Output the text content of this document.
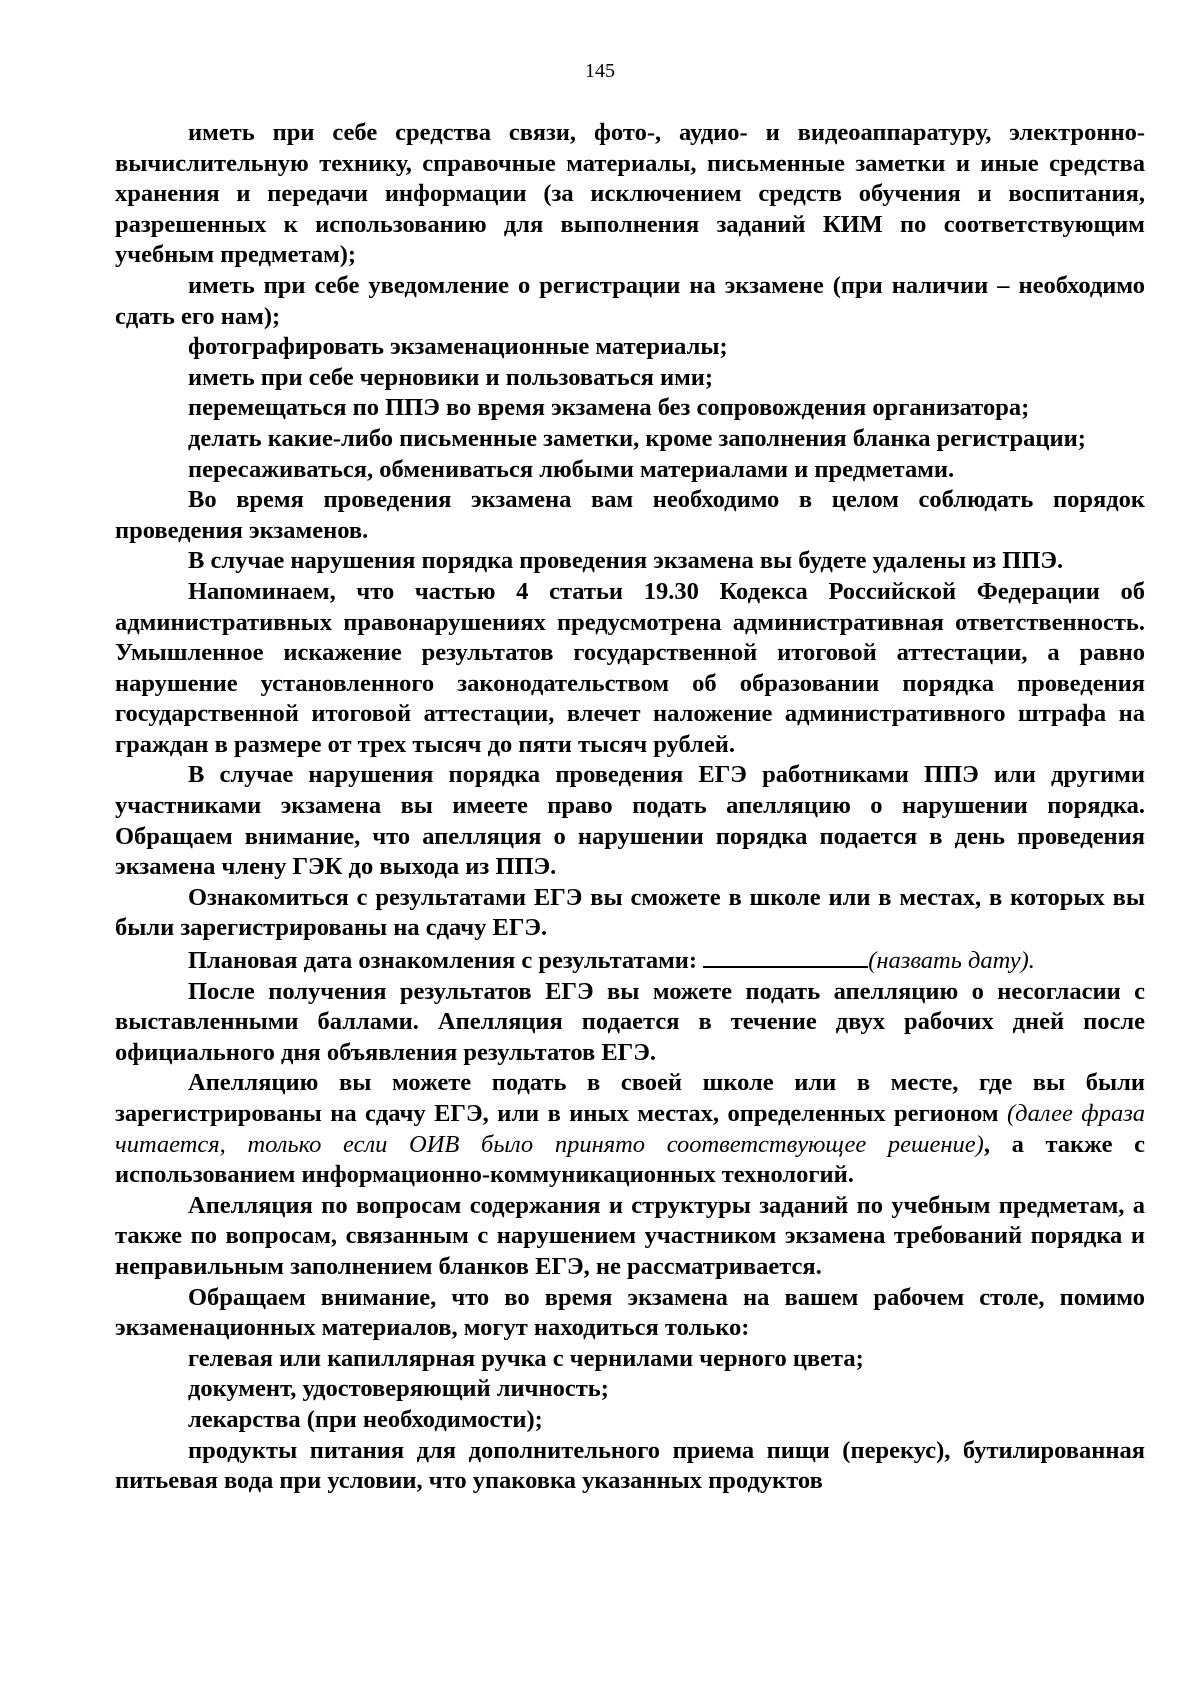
145

иметь при себе средства связи, фото-, аудио- и видеоаппаратуру, электронно-вычислительную технику, справочные материалы, письменные заметки и иные средства хранения и передачи информации (за исключением средств обучения и воспитания, разрешенных к использованию для выполнения заданий КИМ по соответствующим учебным предметам);

иметь при себе уведомление о регистрации на экзамене (при наличии – необходимо сдать его нам);

фотографировать экзаменационные материалы;

иметь при себе черновики и пользоваться ими;

перемещаться по ППЭ во время экзамена без сопровождения организатора;

делать какие-либо письменные заметки, кроме заполнения бланка регистрации;

пересаживаться, обмениваться любыми материалами и предметами.

Во время проведения экзамена вам необходимо в целом соблюдать порядок проведения экзаменов.

В случае нарушения порядка проведения экзамена вы будете удалены из ППЭ.

Напоминаем, что частью 4 статьи 19.30 Кодекса Российской Федерации об административных правонарушениях предусмотрена административная ответственность. Умышленное искажение результатов государственной итоговой аттестации, а равно нарушение установленного законодательством об образовании порядка проведения государственной итоговой аттестации, влечет наложение административного штрафа на граждан в размере от трех тысяч до пяти тысяч рублей.

В случае нарушения порядка проведения ЕГЭ работниками ППЭ или другими участниками экзамена вы имеете право подать апелляцию о нарушении порядка. Обращаем внимание, что апелляция о нарушении порядка подается в день проведения экзамена члену ГЭК до выхода из ППЭ.

Ознакомиться с результатами ЕГЭ вы сможете в школе или в местах, в которых вы были зарегистрированы на сдачу ЕГЭ.

Плановая дата ознакомления с результатами:	(назвать дату).

После получения результатов ЕГЭ вы можете подать апелляцию о несогласии с выставленными баллами. Апелляция подается в течение двух рабочих дней после официального дня объявления результатов ЕГЭ.

Апелляцию вы можете подать в своей школе или в месте, где вы были зарегистрированы на сдачу ЕГЭ, или в иных местах, определенных регионом (далее фраза читается, только если ОИВ было принято соответствующее решение), а также с использованием информационно-коммуникационных технологий.

Апелляция по вопросам содержания и структуры заданий по учебным предметам, а также по вопросам, связанным с нарушением участником экзамена требований порядка и неправильным заполнением бланков ЕГЭ, не рассматривается.

Обращаем внимание, что во время экзамена на вашем рабочем столе, помимо экзаменационных материалов, могут находиться только:

гелевая или капиллярная ручка с чернилами черного цвета;

документ, удостоверяющий личность;

лекарства (при необходимости);

продукты питания для дополнительного приема пищи (перекус), бутилированная питьевая вода при условии, что упаковка указанных продуктов
